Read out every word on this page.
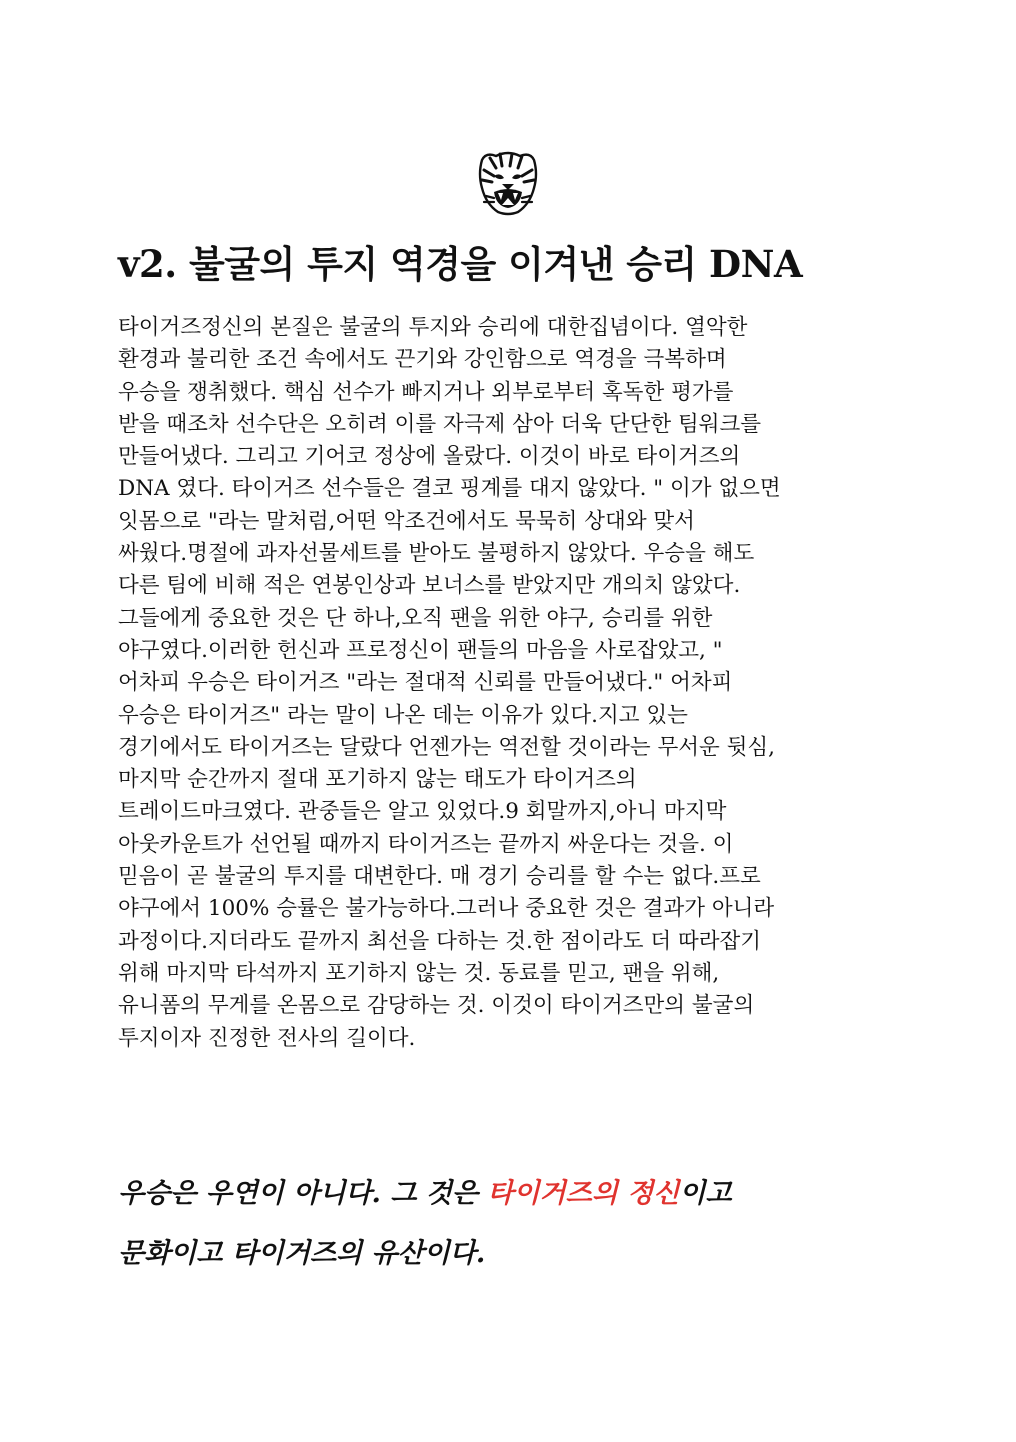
v2. 불굴의 투지 역경을 이겨낸 승리 DNA
타이거즈정신의 본질은 불굴의 투지와 승리에 대한집념이다. 열악한
환경과 불리한 조건 속에서도 끈기와 강인함으로 역경을 극복하며
우승을 쟁취했다. 핵심 선수가 빠지거나 외부로부터 혹독한 평가를
받을 때조차 선수단은 오히려 이를 자극제 삼아 더욱 단단한 팀워크를
만들어냈다. 그리고 기어코 정상에 올랐다. 이것이 바로 타이거즈의
DNA 였다. 타이거즈 선수들은 결코 핑계를 대지 않았다. " 이가 없으면
잇몸으로 "라는 말처럼,어떤 악조건에서도 묵묵히 상대와 맞서
싸웠다.명절에 과자선물세트를 받아도 불평하지 않았다. 우승을 해도
다른 팀에 비해 적은 연봉인상과 보너스를 받았지만 개의치 않았다.
그들에게 중요한 것은 단 하나,오직 팬을 위한 야구, 승리를 위한
야구였다.이러한 헌신과 프로정신이 팬들의 마음을 사로잡았고, "
어차피 우승은 타이거즈 "라는 절대적 신뢰를 만들어냈다." 어차피
우승은 타이거즈" 라는 말이 나온 데는 이유가 있다.지고 있는
경기에서도 타이거즈는 달랐다 언젠가는 역전할 것이라는 무서운 뒷심,
마지막 순간까지 절대 포기하지 않는 태도가 타이거즈의
트레이드마크였다. 관중들은 알고 있었다.9 회말까지,아니 마지막
아웃카운트가 선언될 때까지 타이거즈는 끝까지 싸운다는 것을. 이
믿음이 곧 불굴의 투지를 대변한다. 매 경기 승리를 할 수는 없다.프로
야구에서 100% 승률은 불가능하다.그러나 중요한 것은 결과가 아니라
과정이다.지더라도 끝까지 최선을 다하는 것.한 점이라도 더 따라잡기
위해 마지막 타석까지 포기하지 않는 것. 동료를 믿고, 팬을 위해,
유니폼의 무게를 온몸으로 감당하는 것. 이것이 타이거즈만의 불굴의
투지이자 진정한 전사의 길이다.
우승은 우연이 아니다. 그 것은 타이거즈의 정신이고
문화이고 타이거즈의 유산이다.
